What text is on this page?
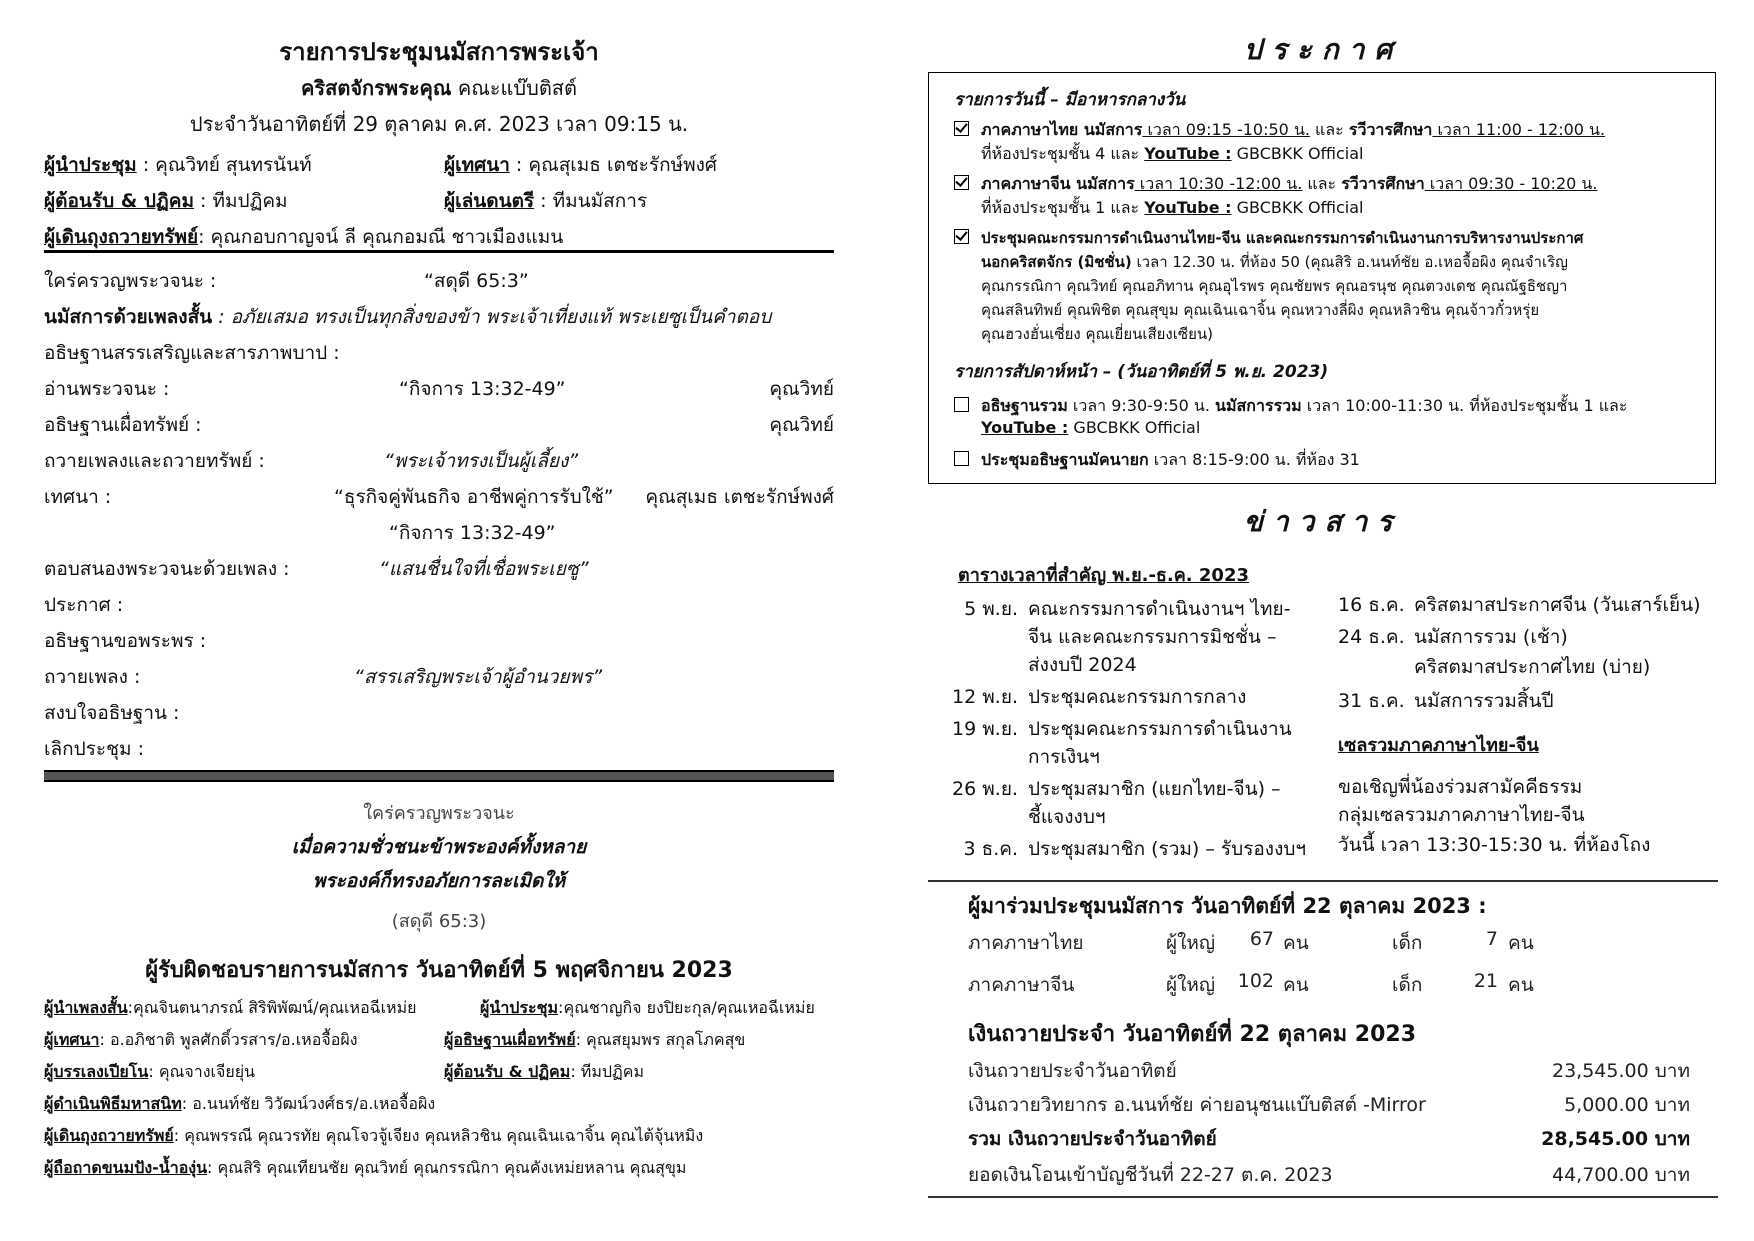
รายการประชุมนมัสการพระเจ้า
คริสตจักรพระคุณ คณะแบ๊บติสต์
ประจำวันอาทิตย์ที่ 29 ตุลาคม ค.ศ. 2023 เวลา 09:15 น.
ผู้นำประชุม : คุณวิทย์ สุนทรนันท์	ผู้เทศนา : คุณสุเมธ เตชะรักษ์พงศ์
ผู้ต้อนรับ & ปฏิคม : ทีมปฏิคม	ผู้เล่นดนตรี : ทีมนมัสการ
ผู้เดินถุงถวายทรัพย์: คุณกอบกาญจน์ ลี คุณกอมณี ชาวเมืองแมน
ใคร่ครวญพระวจนะ :	“สดุดี 65:3”
นมัสการด้วยเพลงสั้น : อภัยเสมอ ทรงเป็นทุกสิ่งของข้า พระเจ้าเที่ยงแท้ พระเยซูเป็นคำตอบ
อธิษฐานสรรเสริญและสารภาพบาป :
อ่านพระวจนะ :	“กิจการ 13:32-49”	คุณวิทย์
อธิษฐานเผื่อทรัพย์ :	คุณวิทย์
ถวายเพลงและถวายทรัพย์ :	“พระเจ้าทรงเป็นผู้เลี้ยง”
เทศนา :	“ธุรกิจคู่พันธกิจ อาชีพคู่การรับใช้”	คุณสุเมธ เตชะรักษ์พงศ์
“กิจการ 13:32-49”
ตอบสนองพระวจนะด้วยเพลง :	“แสนชื่นใจที่เชื่อพระเยซู”
ประกาศ :
อธิษฐานขอพระพร :
ถวายเพลง :	“สรรเสริญพระเจ้าผู้อำนวยพร”
สงบใจอธิษฐาน :
เลิกประชุม :
ใคร่ครวญพระวจนะ
เมื่อความชั่วชนะข้าพระองค์ทั้งหลาย
พระองค์ก็ทรงอภัยการละเมิดให้
(สดุดี 65:3)
ผู้รับผิดชอบรายการนมัสการ วันอาทิตย์ที่ 5 พฤศจิกายน 2023
ผู้นำเพลงสั้น:คุณจินตนาภรณ์ สิริพิพัฒน์/คุณเหอฉีเหม่ย	ผู้นำประชุม:คุณชาญกิจ ยงปิยะกุล/คุณเหอฉีเหม่ย
ผู้เทศนา: อ.อภิชาติ พูลศักดิ์วรสาร/อ.เหอจื้อผิง	ผู้อธิษฐานเผื่อทรัพย์: คุณสยุมพร สกุลโภคสุข
ผู้บรรเลงเปียโน: คุณจางเจียยุ่น	ผู้ต้อนรับ & ปฏิคม: ทีมปฏิคม
ผู้ดำเนินพิธีมหาสนิท: อ.นนท์ชัย วิวัฒน์วงศ์ธร/อ.เหอจื้อผิง
ผู้เดินถุงถวายทรัพย์: คุณพรรณี คุณวรทัย คุณโจวจู้เจียง คุณหลิวชิน คุณเฉินเฉาจิ้น คุณไต้จุ้นหมิง
ผู้ถือถาดขนมปัง-น้ำองุ่น: คุณสิริ คุณเทียนชัย คุณวิทย์ คุณกรรณิกา คุณคังเหม่ยหลาน คุณสุขุม
ประกาศ
รายการวันนี้ – มีอาหารกลางวัน
ภาคภาษาไทย นมัสการ เวลา 09:15 -10:50 น. และ รวีวารศึกษา เวลา 11:00 - 12:00 น.
ที่ห้องประชุมชั้น 4 และ YouTube : GBCBKK Official
ภาคภาษาจีน นมัสการ เวลา 10:30 -12:00 น. และ รวีวารศึกษา เวลา 09:30 - 10:20 น.
ที่ห้องประชุมชั้น 1 และ YouTube : GBCBKK Official
ประชุมคณะกรรมการดำเนินงานไทย-จีน และคณะกรรมการดำเนินงานการบริหารงานประกาศ
นอกคริสตจักร (มิชชั่น) เวลา 12.30 น. ที่ห้อง 50 (คุณสิริ อ.นนท์ชัย อ.เหอจื้อผิง คุณจำเริญ
คุณกรรณิกา คุณวิทย์ คุณอภิทาน คุณอุไรพร คุณชัยพร คุณอรนุช คุณตวงเดช คุณณัฐธิชญา
คุณสลินทิพย์ คุณพิชิต คุณสุขุม คุณเฉินเฉาจิ้น คุณหวางลี่ผิง คุณหลิวชิน คุณจ้าวกั๋วหรุ่ย
คุณฮวงฮั่นเซี่ยง คุณเยี่ยนเสียงเซียน)
รายการสัปดาห์หน้า – (วันอาทิตย์ที่ 5 พ.ย. 2023)
อธิษฐานรวม เวลา 9:30-9:50 น. นมัสการรวม เวลา 10:00-11:30 น. ที่ห้องประชุมชั้น 1 และ
YouTube : GBCBKK Official
ประชุมอธิษฐานมัคนายก เวลา 8:15-9:00 น. ที่ห้อง 31
ข่าวสาร
ตารางเวลาที่สำคัญ พ.ย.-ธ.ค. 2023
5 พ.ย. คณะกรรมการดำเนินงานฯ ไทย-
จีน และคณะกรรมการมิชชั่น –
ส่งงบปี 2024
12 พ.ย. ประชุมคณะกรรมการกลาง
19 พ.ย. ประชุมคณะกรรมการดำเนินงาน
การเงินฯ
26 พ.ย. ประชุมสมาชิก (แยกไทย-จีน) –
ชี้แจงงบฯ
3 ธ.ค. ประชุมสมาชิก (รวม) – รับรองงบฯ
16 ธ.ค. คริสตมาสประกาศจีน (วันเสาร์เย็น)
24 ธ.ค. นมัสการรวม (เช้า)
คริสตมาสประกาศไทย (บ่าย)
31 ธ.ค. นมัสการรวมสิ้นปี
เซลรวมภาคภาษาไทย-จีน
ขอเชิญพี่น้องร่วมสามัคคีธรรม
กลุ่มเซลรวมภาคภาษาไทย-จีน
วันนี้ เวลา 13:30-15:30 น. ที่ห้องโถง
ผู้มาร่วมประชุมนมัสการ วันอาทิตย์ที่ 22 ตุลาคม 2023 :
ภาคภาษาไทย	ผู้ใหญ่	67 คน	เด็ก	7 คน
ภาคภาษาจีน	ผู้ใหญ่	102 คน	เด็ก	21 คน
เงินถวายประจำ วันอาทิตย์ที่ 22 ตุลาคม 2023
เงินถวายประจำวันอาทิตย์	23,545.00 บาท
เงินถวายวิทยากร อ.นนท์ชัย ค่ายอนุชนแบ๊บติสต์ -Mirror	5,000.00 บาท
รวม เงินถวายประจำวันอาทิตย์	28,545.00 บาท
ยอดเงินโอนเข้าบัญชีวันที่ 22-27 ต.ค. 2023	44,700.00 บาท
